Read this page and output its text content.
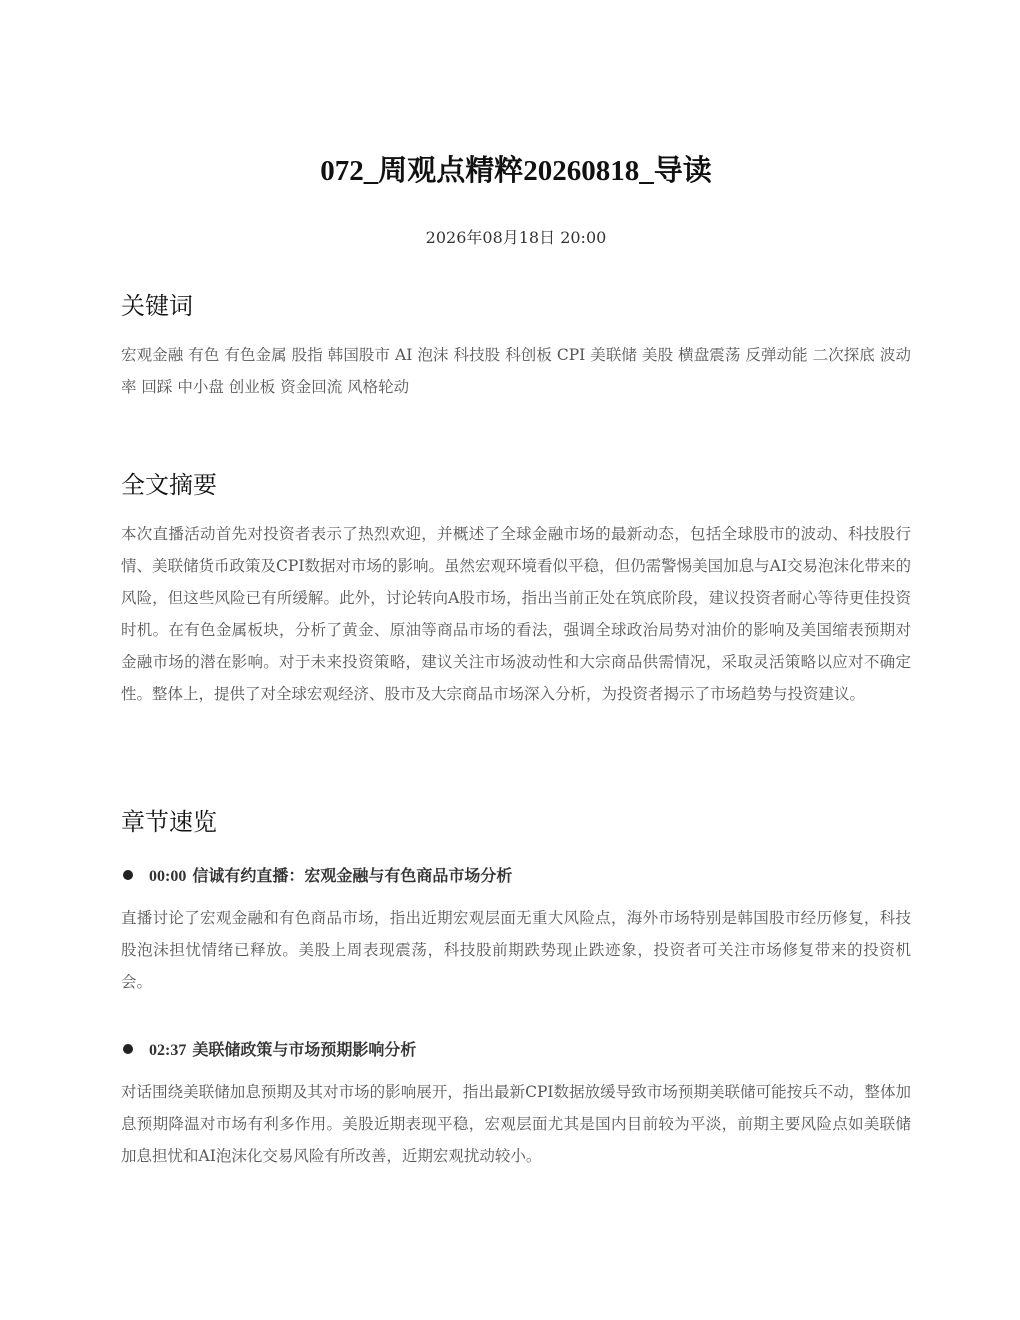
072_周观点精粹20260818_导读
2026年08月18日 20:00
关键词

宏观金融 有色 有色金属 股指 韩国股市 AI 泡沫 科技股 科创板 CPI 美联储 美股 横盘震荡 反弹动能 二次探底 波动率 回踩 中小盘 创业板 资金回流 风格轮动

全文摘要

本次直播活动首先对投资者表示了热烈欢迎，并概述了全球金融市场的最新动态，包括全球股市的波动、科技股行情、美联储货币政策及CPI数据对市场的影响。虽然宏观环境看似平稳，但仍需警惕美国加息与AI交易泡沫化带来的风险，但这些风险已有所缓解。此外，讨论转向A股市场，指出当前正处在筑底阶段，建议投资者耐心等待更佳投资时机。在有色金属板块，分析了黄金、原油等商品市场的看法，强调全球政治局势对油价的影响及美国缩表预期对金融市场的潜在影响。对于未来投资策略，建议关注市场波动性和大宗商品供需情况，采取灵活策略以应对不确定性。整体上，提供了对全球宏观经济、股市及大宗商品市场深入分析，为投资者揭示了市场趋势与投资建议。

章节速览
00:00 信诚有约直播：宏观金融与有色商品市场分析

直播讨论了宏观金融和有色商品市场，指出近期宏观层面无重大风险点，海外市场特别是韩国股市经历修复，科技股泡沫担忧情绪已释放。美股上周表现震荡，科技股前期跌势现止跌迹象，投资者可关注市场修复带来的投资机会。

02:37 美联储政策与市场预期影响分析

对话围绕美联储加息预期及其对市场的影响展开，指出最新CPI数据放缓导致市场预期美联储可能按兵不动，整体加息预期降温对市场有利多作用。美股近期表现平稳，宏观层面尤其是国内目前较为平淡，前期主要风险点如美联储加息担忧和AI泡沫化交易风险有所改善，近期宏观扰动较小。
